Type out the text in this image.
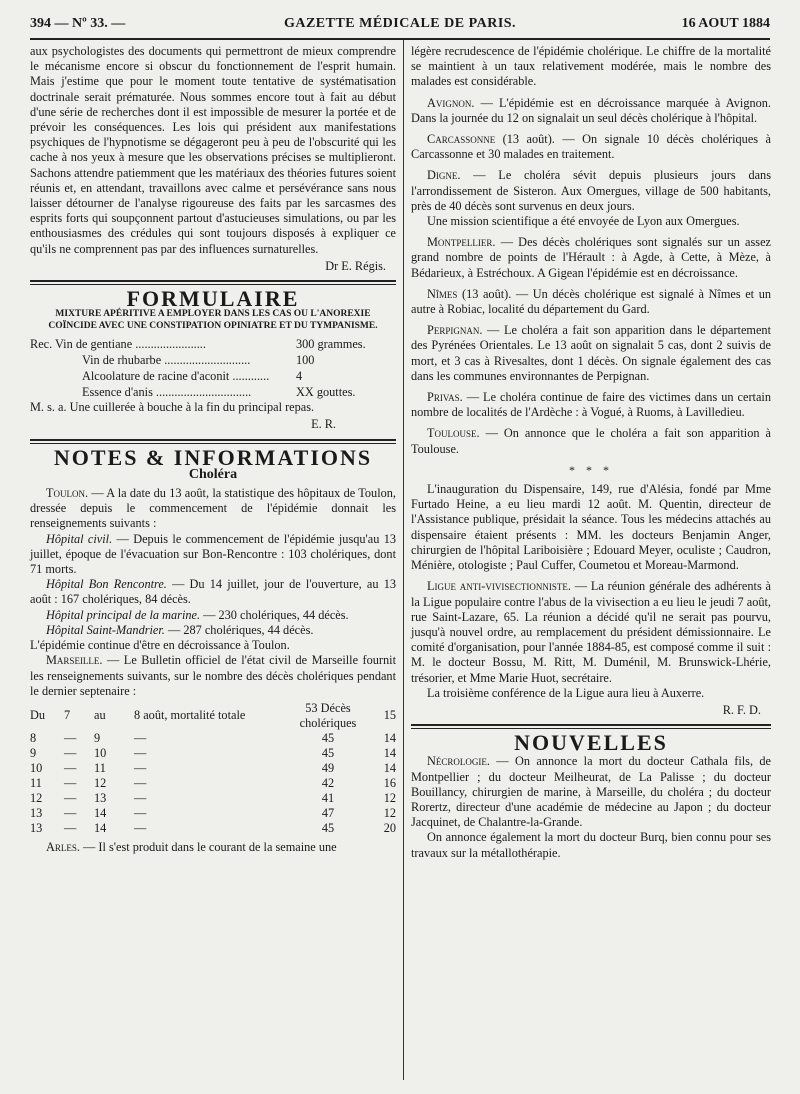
394 — Nº 33. —	GAZETTE MÉDICALE DE PARIS.	16 AOUT 1884

aux psychologistes des documents qui permettront de mieux comprendre le mécanisme encore si obscur du fonctionnement de l'esprit humain. Mais j'estime que pour le moment toute tentative de systématisation doctrinale serait prématurée. Nous sommes encore tout à fait au début d'une série de recherches dont il est impossible de mesurer la portée et de prévoir les conséquences. Les lois qui président aux manifestations psychiques de l'hypnotisme se dégageront peu à peu de l'obscurité qui les cache à nos yeux à mesure que les observations précises se multiplieront. Sachons attendre patiemment que les matériaux des théories futures soient réunis et, en attendant, travaillons avec calme et persévérance sans nous laisser détourner de l'analyse rigoureuse des faits par les sarcasmes des esprits forts qui soupçonnent partout d'astucieuses simulations, ou par les enthousiasmes des crédules qui sont toujours disposés à expliquer ce qu'ils ne comprennent pas par des influences surnaturelles.

Dr E. Régis.
FORMULAIRE
MIXTURE APÉRITIVE A EMPLOYER DANS LES CAS OU L'ANOREXIE COÏNCIDE AVEC UNE CONSTIPATION OPINIATRE ET DU TYMPANISME.
Rec. Vin de gentiane .......................	300 grammes.
Vin de rhubarbe ............................	100
Alcoolature de racine d'aconit ............	4
Essence d'anis ...............................	XX gouttes.

M. s. a. Une cuillerée à bouche à la fin du principal repas.

E. R.
NOTES & INFORMATIONS
Choléra

Toulon. — A la date du 13 août, la statistique des hôpitaux de Toulon, dressée depuis le commencement de l'épidémie donnait les renseignements suivants :

Hôpital civil. — Depuis le commencement de l'épidémie jusqu'au 13 juillet, époque de l'évacuation sur Bon-Rencontre : 103 cholériques, dont 71 morts.

Hôpital Bon Rencontre. — Du 14 juillet, jour de l'ouverture, au 13 août : 167 cholériques, 84 décès.

Hôpital principal de la marine. — 230 cholériques, 44 décès.

Hôpital Saint-Mandrier. — 287 cholériques, 44 décès.

L'épidémie continue d'être en décroissance à Toulon.

Marseille. — Le Bulletin officiel de l'état civil de Marseille fournit les renseignements suivants, sur le nombre des décès cholériques pendant le dernier septenaire :

Du	7	au	8 août, mortalité totale	53 Décès cholériques	15
8	—	9	—	45	14
9	—	10	—	45	14
10	—	11	—	49	14
11	—	12	—	42	16
12	—	13	—	41	12
13	—	14	—	47	12
13	—	14	—	45	20

Arles. — Il s'est produit dans le courant de la semaine une

légère recrudescence de l'épidémie cholérique. Le chiffre de la mortalité se maintient à un taux relativement modérée, mais le nombre des malades est considérable.

Avignon. — L'épidémie est en décroissance marquée à Avignon. Dans la journée du 12 on signalait un seul décès cholérique à l'hôpital.

Carcassonne (13 août). — On signale 10 décès cholériques à Carcassonne et 30 malades en traitement.

Digne. — Le choléra sévit depuis plusieurs jours dans l'arrondissement de Sisteron. Aux Omergues, village de 500 habitants, près de 40 décès sont survenus en deux jours.

Une mission scientifique a été envoyée de Lyon aux Omergues.

Montpellier. — Des décès cholériques sont signalés sur un assez grand nombre de points de l'Hérault : à Agde, à Cette, à Mèze, à Bédarieux, à Estréchoux. A Gigean l'épidémie est en décroissance.

Nîmes (13 août). — Un décès cholérique est signalé à Nîmes et un autre à Robiac, localité du département du Gard.

Perpignan. — Le choléra a fait son apparition dans le département des Pyrénées Orientales. Le 13 août on signalait 5 cas, dont 2 suivis de mort, et 3 cas à Rivesaltes, dont 1 décès. On signale également des cas dans les communes environnantes de Perpignan.

Privas. — Le choléra continue de faire des victimes dans un certain nombre de localités de l'Ardèche : à Vogué, à Ruoms, à Lavilledieu.

Toulouse. — On annonce que le choléra a fait son apparition à Toulouse.

* * *

L'inauguration du Dispensaire, 149, rue d'Alésia, fondé par Mme Furtado Heine, a eu lieu mardi 12 août. M. Quentin, directeur de l'Assistance publique, présidait la séance. Tous les médecins attachés au dispensaire étaient présents : MM. les docteurs Benjamin Anger, chirurgien de l'hôpital Lariboisière ; Edouard Meyer, oculiste ; Caudron, Ménière, otologiste ; Paul Cuffer, Coumetou et Moreau-Marmond.

Ligue anti-vivisectionniste. — La réunion générale des adhérents à la Ligue populaire contre l'abus de la vivisection a eu lieu le jeudi 7 août, rue Saint-Lazare, 65. La réunion a décidé qu'il ne serait pas pourvu, jusqu'à nouvel ordre, au remplacement du président démissionnaire. Le comité d'organisation, pour l'année 1884-85, est composé comme il suit : M. le docteur Bossu, M. Ritt, M. Duménil, M. Brunswick-Lhérie, trésorier, et Mme Marie Huot, secrétaire.

La troisième conférence de la Ligue aura lieu à Auxerre.

R. F. D.
NOUVELLES

Nécrologie. — On annonce la mort du docteur Cathala fils, de Montpellier ; du docteur Meilheurat, de La Palisse ; du docteur Bouillancy, chirurgien de marine, à Marseille, du choléra ; du docteur Rorertz, directeur d'une académie de médecine au Japon ; du docteur Jacquinet, de Chalantre-la-Grande.

On annonce également la mort du docteur Burq, bien connu pour ses travaux sur la métallothérapie.
